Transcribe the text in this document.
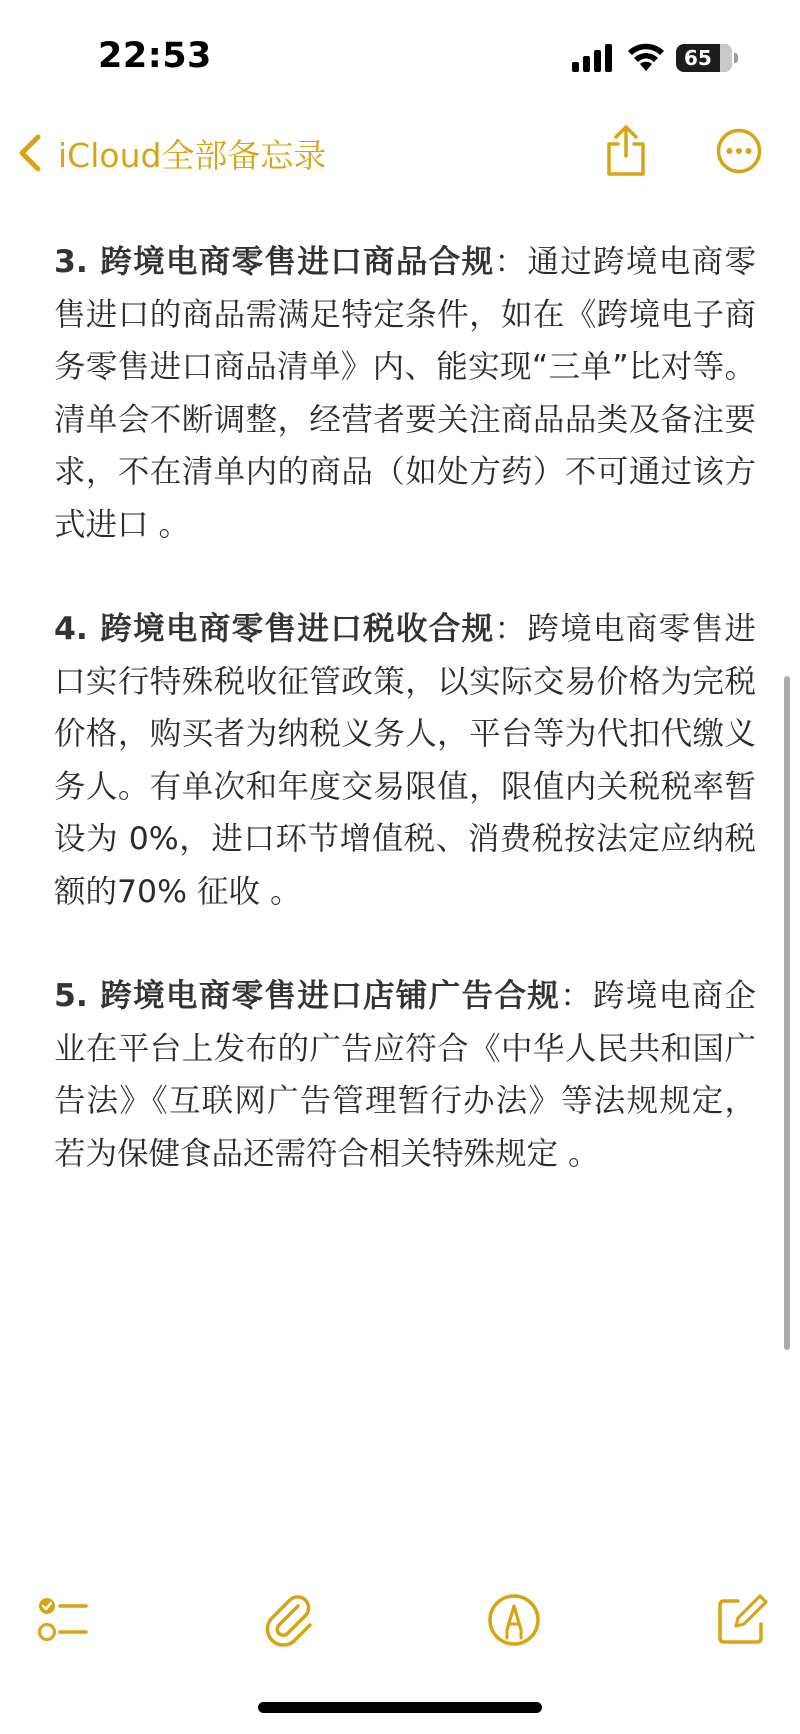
22:53	65
iCloud全部备忘录

3. 跨境电商零售进口商品合规：通过跨境电商零售进口的商品需满足特定条件，如在《跨境电子商务零售进口商品清单》内、能实现“三单”比对等。清单会不断调整，经营者要关注商品品类及备注要求，不在清单内的商品（如处方药）不可通过该方式进口 。

4. 跨境电商零售进口税收合规：跨境电商零售进口实行特殊税收征管政策，以实际交易价格为完税价格，购买者为纳税义务人，平台等为代扣代缴义务人。有单次和年度交易限值，限值内关税税率暂设为 0%，进口环节增值税、消费税按法定应纳税额的70% 征收 。

5. 跨境电商零售进口店铺广告合规：跨境电商企业在平台上发布的广告应符合《中华人民共和国广告法》《互联网广告管理暂行办法》等法规规定，若为保健食品还需符合相关特殊规定 。
